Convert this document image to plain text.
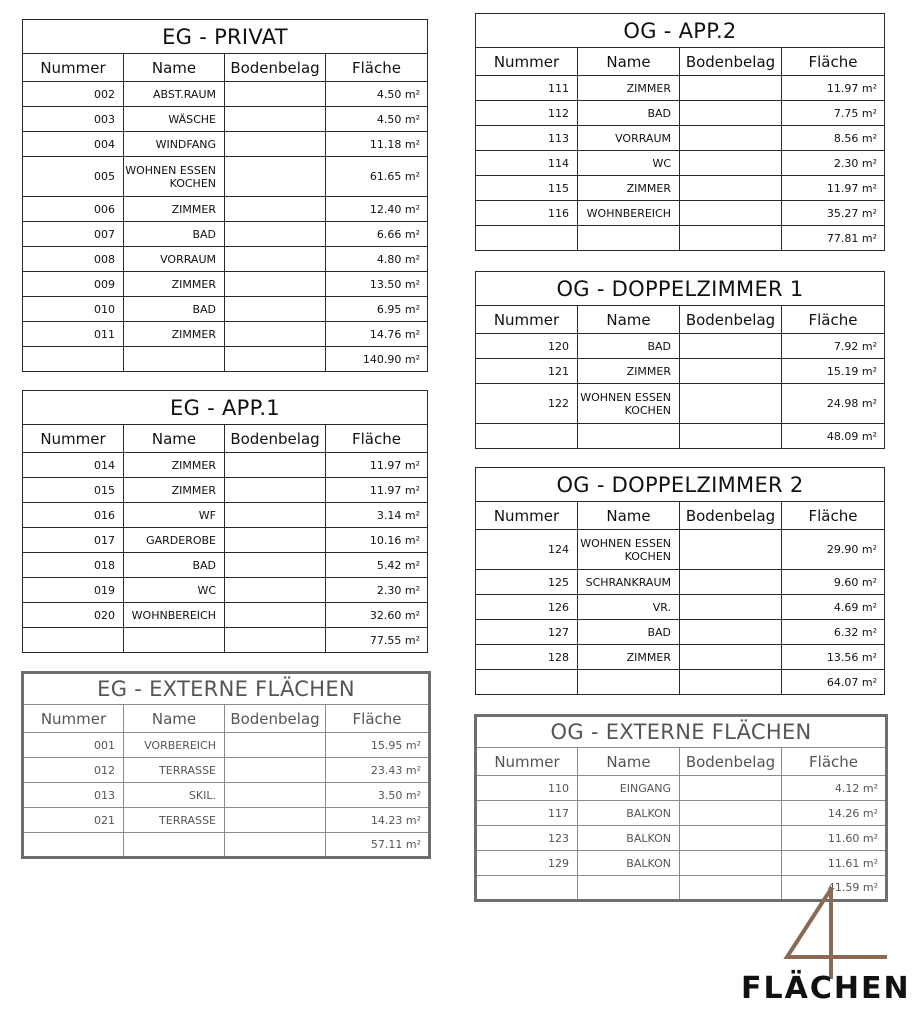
EG - PRIVAT			
Nummer	Name	Bodenbelag	Fläche
002	ABST.RAUM		4.50 m²
003	WÄSCHE		4.50 m²
004	WINDFANG		11.18 m²
005	WOHNEN ESSEN KOCHEN		61.65 m²
006	ZIMMER		12.40 m²
007	BAD		6.66 m²
008	VORRAUM		4.80 m²
009	ZIMMER		13.50 m²
010	BAD		6.95 m²
011	ZIMMER		14.76 m²
			140.90 m²
EG - APP.1			
Nummer	Name	Bodenbelag	Fläche
014	ZIMMER		11.97 m²
015	ZIMMER		11.97 m²
016	WF		3.14 m²
017	GARDEROBE		10.16 m²
018	BAD		5.42 m²
019	WC		2.30 m²
020	WOHNBEREICH		32.60 m²
			77.55 m²
EG - EXTERNE FLÄCHEN			
Nummer	Name	Bodenbelag	Fläche
001	VORBEREICH		15.95 m²
012	TERRASSE		23.43 m²
013	SKIL.		3.50 m²
021	TERRASSE		14.23 m²
			57.11 m²
OG - APP.2			
Nummer	Name	Bodenbelag	Fläche
111	ZIMMER		11.97 m²
112	BAD		7.75 m²
113	VORRAUM		8.56 m²
114	WC		2.30 m²
115	ZIMMER		11.97 m²
116	WOHNBEREICH		35.27 m²
			77.81 m²
OG - DOPPELZIMMER 1			
Nummer	Name	Bodenbelag	Fläche
120	BAD		7.92 m²
121	ZIMMER		15.19 m²
122	WOHNEN ESSEN KOCHEN		24.98 m²
			48.09 m²
OG - DOPPELZIMMER 2			
Nummer	Name	Bodenbelag	Fläche
124	WOHNEN ESSEN KOCHEN		29.90 m²
125	SCHRANKRAUM		9.60 m²
126	VR.		4.69 m²
127	BAD		6.32 m²
128	ZIMMER		13.56 m²
			64.07 m²
OG - EXTERNE FLÄCHEN			
Nummer	Name	Bodenbelag	Fläche
110	EINGANG		4.12 m²
117	BALKON		14.26 m²
123	BALKON		11.60 m²
129	BALKON		11.61 m²
			41.59 m²
FLÄCHEN
